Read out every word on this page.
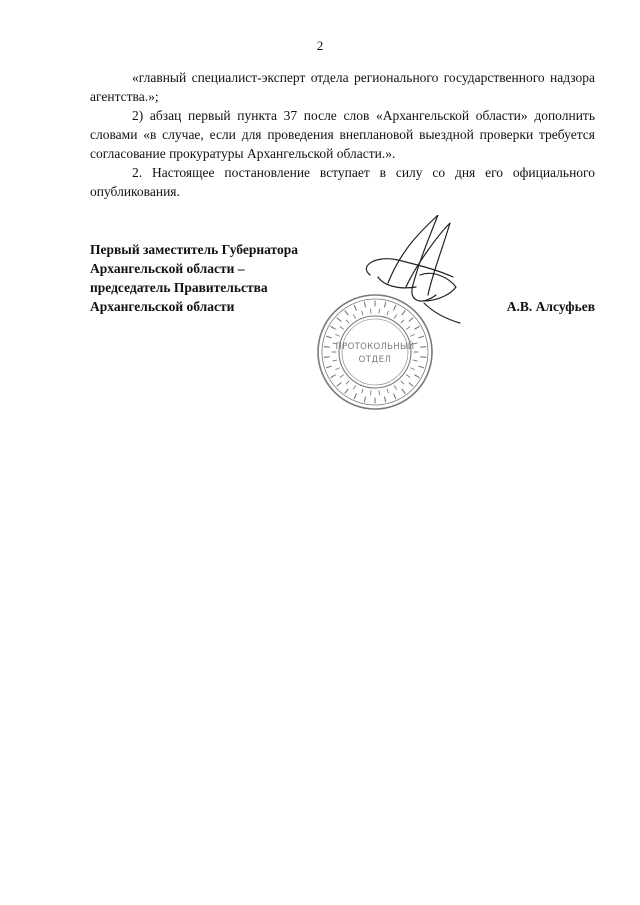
2

«главный специалист-эксперт отдела регионального государственного надзора агентства.»;

2) абзац первый пункта 37 после слов «Архангельской области» дополнить словами «в случае, если для проведения внеплановой выездной проверки требуется согласование прокуратуры Архангельской области.».

2. Настоящее постановление вступает в силу со дня его официального опубликования.

Первый заместитель Губернатора
Архангельской области –
председатель Правительства
Архангельской области
ПРОТОКОЛЬНЫЙ
ОТДЕЛ
А.В. Алсуфьев
